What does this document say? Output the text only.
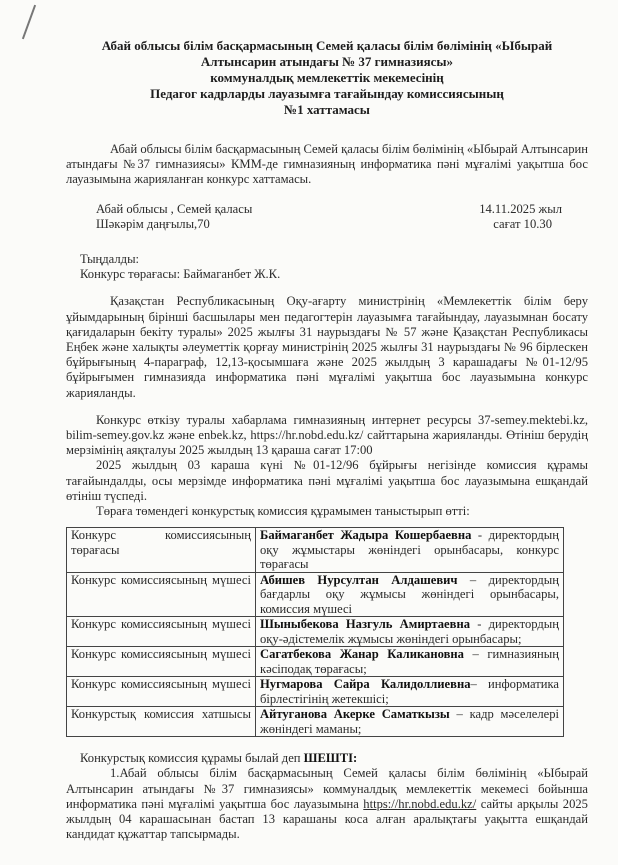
Абай облысы білім басқармасының Семей қаласы білім бөлімінің «Ыбырай
Алтынсарин атындағы № 37 гимназиясы»
коммуналдық мемлекеттік мекемесінің
Педагог кадрларды лауазымға тағайындау комиссиясының
№1 хаттамасы

Абай облысы білім басқармасының Семей қаласы білім бөлімінің «Ыбырай Алтынсарин атындағы №37 гимназиясы» КММ-де гимназияның информатика пәні мұғалімі уақытша бос лауазымына жарияланған конкурс хаттамасы.

Абай облысы , Семей қаласы	14.11.2025 жыл
Шәкәрім даңғылы,70	сағат 10.30
Тыңдалды:
Конкурс төрағасы: Баймаганбет Ж.К.

Қазақстан Республикасының Оқу-ағарту министрінің «Мемлекеттік білім беру ұйымдарының бірінші басшылары мен педагогтерін лауазымға тағайындау, лауазымнан босату қағидаларын бекіту туралы» 2025 жылғы 31 наурыздағы № 57 және Қазақстан Республикасы Еңбек және халықты әлеуметтік қорғау министрінің 2025 жылғы 31 наурыздағы № 96 бірлескен бұйрығының 4-параграф, 12,13-қосымшаға және 2025 жылдың 3 карашадағы №01-12/95 бұйрығымен гимназияда информатика пәні мұғалімі уақытша бос лауазымына конкурс жарияланды.

Конкурс өткізу туралы хабарлама гимназияның интернет ресурсы 37-semey.mektebi.kz, bilim-semey.gov.kz және enbek.kz, https://hr.nobd.edu.kz/ сайттарына жарияланды. Өтініш берудің мерзімінің аяқталуы 2025 жылдың 13 қараша сағат 17:00

2025 жылдың 03 караша күні №01-12/96 бұйрығы негізінде комиссия құрамы тағайындалды, осы мерзімде информатика пәні мұғалімі уақытша бос лауазымына ешқандай өтініш түспеді.

Төраға төмендегі конкурстық комиссия құрамымен таныстырып өтті:

Конкурс комиссиясының төрағасы	Баймаганбет Жадыра Кошербаевна - директордың оқу жұмыстары жөніндегі орынбасары, конкурс төрағасы
Конкурс комиссиясының мүшесі	Абишев Нурсултан Алдашевич – директордың бағдарлы оқу жұмысы жөніндегі орынбасары, комиссия мүшесі
Конкурс комиссиясының мүшесі	Шыныбекова Назгуль Амиртаевна - директордың оқу-әдістемелік жұмысы жөніндегі орынбасары;
Конкурс комиссиясының мүшесі	Сагатбекова Жанар Каликановна – гимназияның кәсіподақ төрағасы;
Конкурс комиссиясының мүшесі	Нугмарова Сайра Калидоллиевна– информатика бірлестігінің жетекшісі;
Конкурстық комиссия хатшысы	Айтуганова Акерке Саматкызы – кадр мәселелері жөніндегі маманы;
Конкурстық комиссия құрамы былай деп ШЕШТІ:

1.Абай облысы білім басқармасының Семей қаласы білім бөлімінің «Ыбырай Алтынсарин атындағы №37 гимназиясы» коммуналдық мемлекеттік мекемесі бойынша информатика пәні мұғалімі уақытша бос лауазымына https://hr.nobd.edu.kz/ сайты арқылы 2025 жылдың 04 карашасынан бастап 13 карашаны коса алған аралықтағы уақытта ешқандай кандидат құжаттар тапсырмады.
